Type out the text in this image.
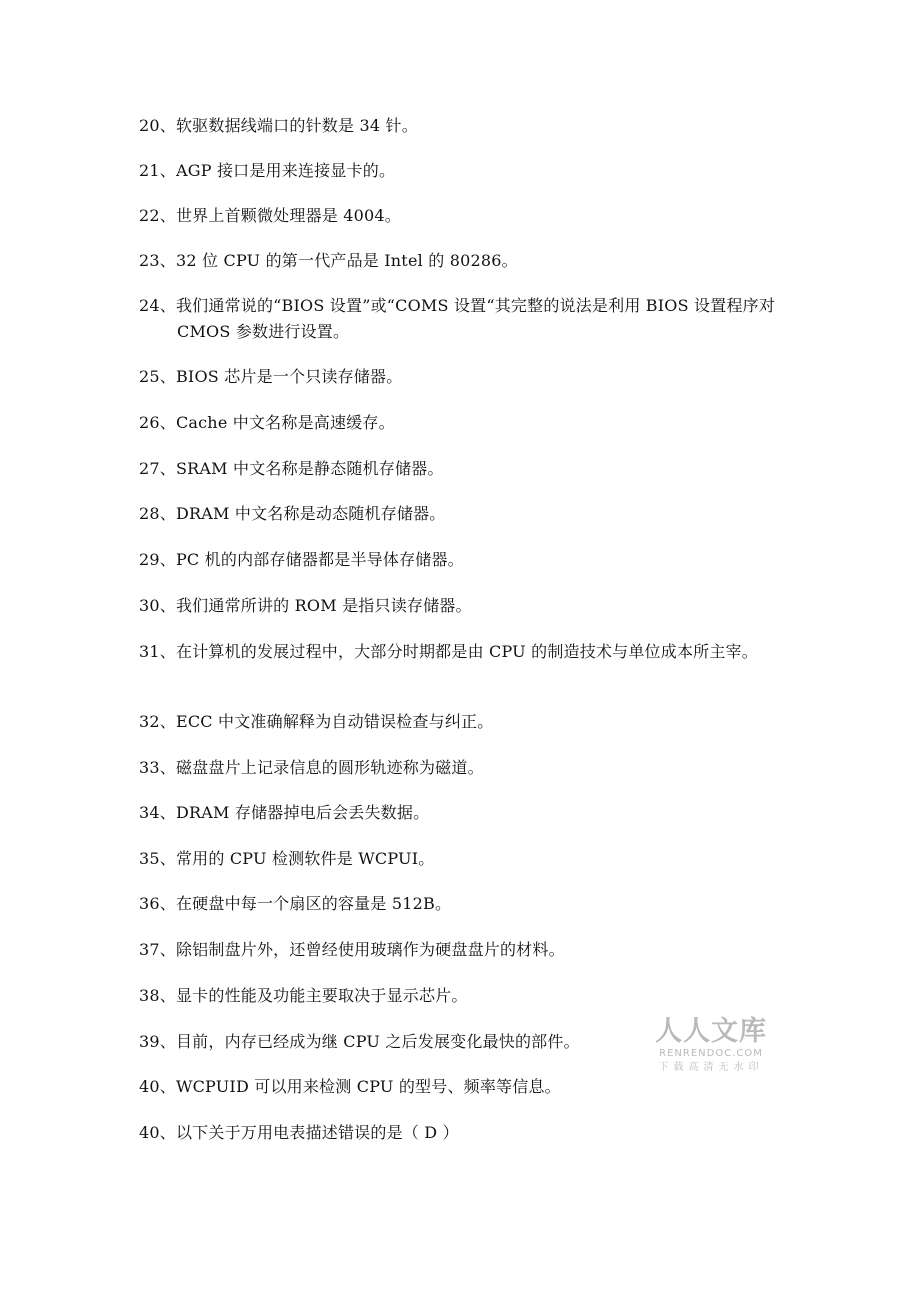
20、软驱数据线端口的针数是 34 针。
21、AGP 接口是用来连接显卡的。
22、世界上首颗微处理器是 4004。
23、32 位 CPU 的第一代产品是 Intel 的 80286。
24、我们通常说的“BIOS 设置”或“COMS 设置“其完整的说法是利用 BIOS 设置程序对 CMOS 参数进行设置。
25、BIOS 芯片是一个只读存储器。
26、Cache 中文名称是高速缓存。
27、SRAM 中文名称是静态随机存储器。
28、DRAM 中文名称是动态随机存储器。
29、PC 机的内部存储器都是半导体存储器。
30、我们通常所讲的 ROM 是指只读存储器。
31、在计算机的发展过程中，大部分时期都是由 CPU 的制造技术与单位成本所主宰。
32、ECC 中文准确解释为自动错误检查与纠正。
33、磁盘盘片上记录信息的圆形轨迹称为磁道。
34、DRAM 存储器掉电后会丢失数据。
35、常用的 CPU 检测软件是 WCPUI。
36、在硬盘中每一个扇区的容量是 512B。
37、除铝制盘片外，还曾经使用玻璃作为硬盘盘片的材料。
38、显卡的性能及功能主要取决于显示芯片。
39、目前，内存已经成为继 CPU 之后发展变化最快的部件。
40、WCPUID 可以用来检测 CPU 的型号、频率等信息。
40、以下关于万用电表描述错误的是（ D ）
人人文库
RENRENDOC.COM
下载高清无水印
